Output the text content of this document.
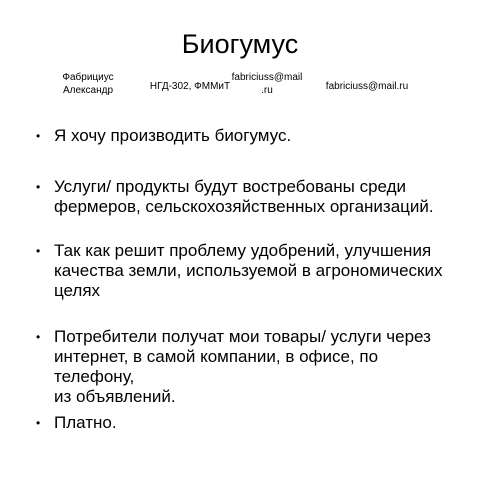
Биогумус
Фабрициус
Александр	НГД-302, ФММиТ
fabriciuss@mail
.ru	fabriciuss@mail.ru
• Я хочу производить биогумус.
• Услуги/ продукты будут востребованы среди
фермеров, сельскохозяйственных организаций.
• Так как решит проблему удобрений, улучшения
качества земли, используемой в агрономических
целях
• Потребители получат мои товары/ услуги через
интернет, в самой компании, в офисе, по телефону,
из объявлений.
• Платно.
